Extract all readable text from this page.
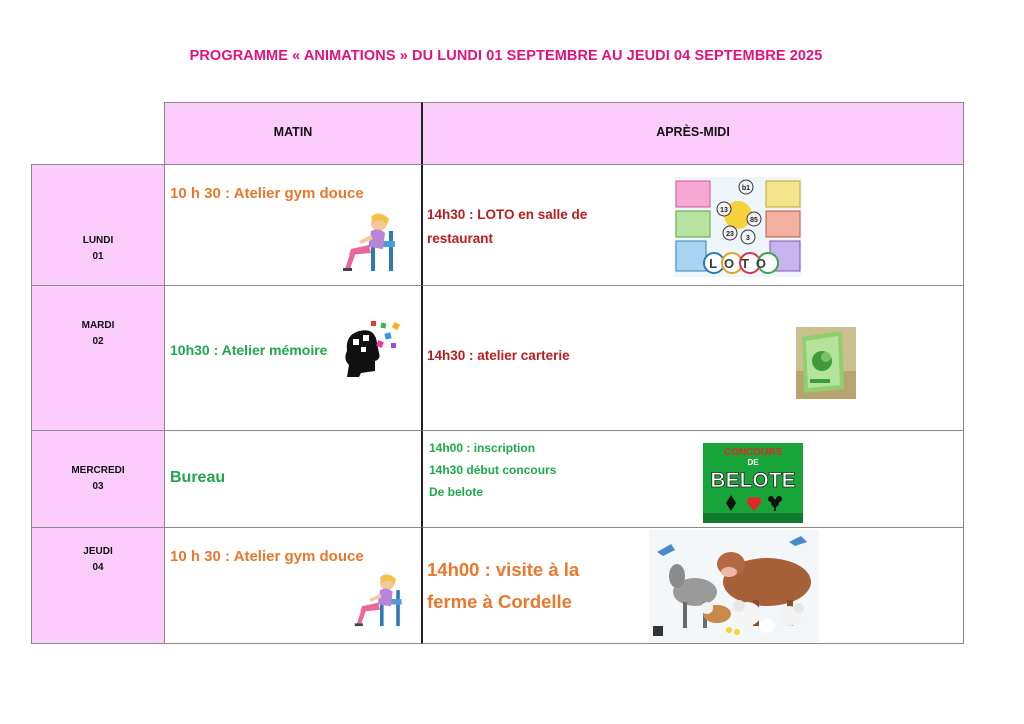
PROGRAMME « ANIMATIONS » DU LUNDI 01 SEPTEMBRE AU JEUDI 04 SEPTEMBRE 2025
MATIN	APRÈS-MIDI
LUNDI
01
MARDI
02
MERCREDI
03
JEUDI
04
10 h 30 : Atelier gym douce
10h30 : Atelier mémoire
Bureau
10 h 30 : Atelier gym douce
14h30 : LOTO en salle de
restaurant
b1
13
85
23
3
LOTO
14h30 : atelier carterie
14h00 : inscription
14h30 début concours
De belote
CONCOURS
DE
BELOTE
14h00 : visite à la
ferme à Cordelle
